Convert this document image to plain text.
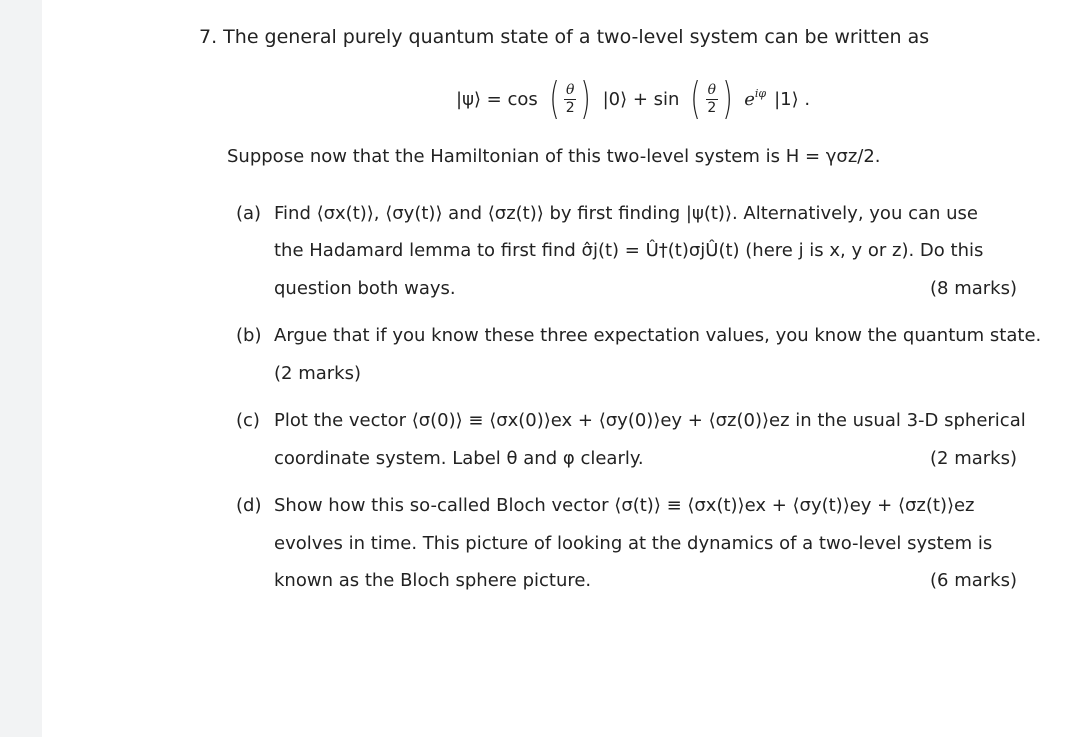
7. The general purely quantum state of a two-level system can be written as
|ψ⟩ = cos ( $\frac{\theta}{2}$ ) |0⟩ + sin ( $\frac{\theta}{2}$ ) $e^{i\varphi}$ |1⟩ .
Suppose now that the Hamiltonian of this two-level system is H = γσz/2.
(a) Find ⟨σx(t)⟩, ⟨σy(t)⟩ and ⟨σz(t)⟩ by first finding |ψ(t)⟩. Alternatively, you can use
the Hadamard lemma to first find σ̂j(t) = Û†(t)σjÛ(t) (here j is x, y or z). Do this
question both ways.	(8 marks)
(b) Argue that if you know these three expectation values, you know the quantum state.
(2 marks)
(c) Plot the vector ⟨σ(0)⟩ ≡ ⟨σx(0)⟩ex + ⟨σy(0)⟩ey + ⟨σz(0)⟩ez in the usual 3-D spherical
coordinate system. Label θ and φ clearly.	(2 marks)
(d) Show how this so-called Bloch vector ⟨σ(t)⟩ ≡ ⟨σx(t)⟩ex + ⟨σy(t)⟩ey + ⟨σz(t)⟩ez
evolves in time. This picture of looking at the dynamics of a two-level system is
known as the Bloch sphere picture.	(6 marks)
